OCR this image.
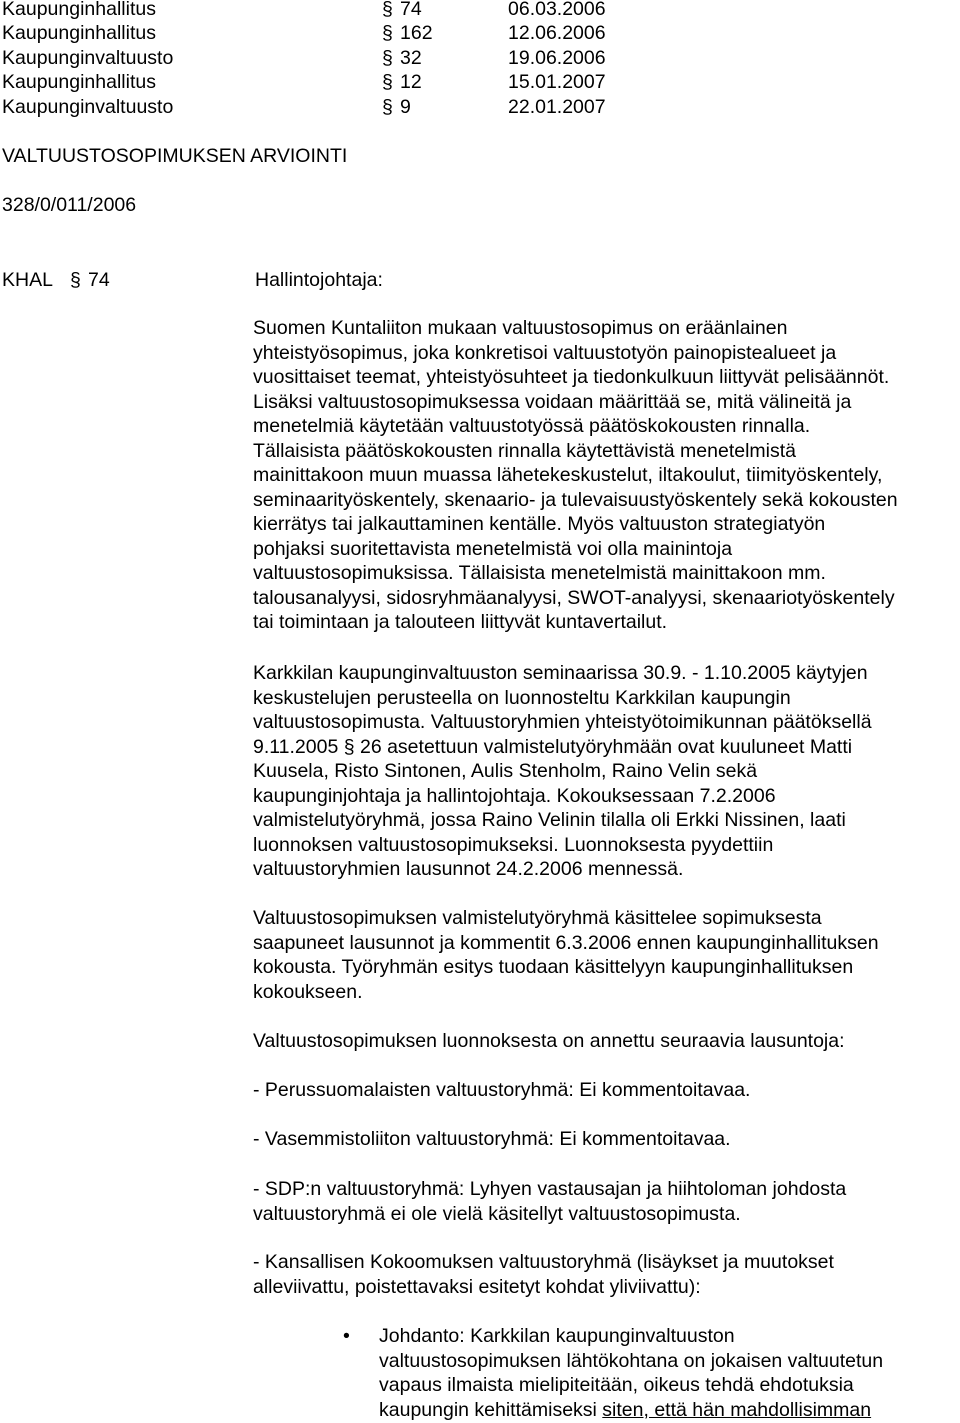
Kaupunginhallitus	§ 74	06.03.2006
Kaupunginhallitus	§ 162	12.06.2006
Kaupunginvaltuusto	§ 32	19.06.2006
Kaupunginhallitus	§ 12	15.01.2007
Kaupunginvaltuusto	§ 9	22.01.2007
VALTUUSTOSOPIMUKSEN ARVIOINTI
328/0/011/2006
KHAL § 74	Hallintojohtaja:
Suomen Kuntaliiton mukaan valtuustosopimus on eräänlainen
yhteistyösopimus, joka konkretisoi valtuustotyön painopistealueet ja
vuosittaiset teemat, yhteistyösuhteet ja tiedonkulkuun liittyvät pelisäännöt.
Lisäksi valtuustosopimuksessa voidaan määrittää se, mitä välineitä ja
menetelmiä käytetään valtuustotyössä päätöskokousten rinnalla.
Tällaisista päätöskokousten rinnalla käytettävistä menetelmistä
mainittakoon muun muassa lähetekeskustelut, iltakoulut, tiimityöskentely,
seminaarityöskentely, skenaario- ja tulevaisuustyöskentely sekä kokousten
kierrätys tai jalkauttaminen kentälle. Myös valtuuston strategiatyön
pohjaksi suoritettavista menetelmistä voi olla mainintoja
valtuustosopimuksissa. Tällaisista menetelmistä mainittakoon mm.
talousanalyysi, sidosryhmäanalyysi, SWOT-analyysi, skenaariotyöskentely
tai toimintaan ja talouteen liittyvät kuntavertailut.
Karkkilan kaupunginvaltuuston seminaarissa 30.9. - 1.10.2005 käytyjen
keskustelujen perusteella on luonnosteltu Karkkilan kaupungin
valtuustosopimusta. Valtuustoryhmien yhteistyötoimikunnan päätöksellä
9.11.2005 § 26 asetettuun valmistelutyöryhmään ovat kuuluneet Matti
Kuusela, Risto Sintonen, Aulis Stenholm, Raino Velin sekä
kaupunginjohtaja ja hallintojohtaja. Kokouksessaan 7.2.2006
valmistelutyöryhmä, jossa Raino Velinin tilalla oli Erkki Nissinen, laati
luonnoksen valtuustosopimukseksi. Luonnoksesta pyydettiin
valtuustoryhmien lausunnot 24.2.2006 mennessä.
Valtuustosopimuksen valmistelutyöryhmä käsittelee sopimuksesta
saapuneet lausunnot ja kommentit 6.3.2006 ennen kaupunginhallituksen
kokousta. Työryhmän esitys tuodaan käsittelyyn kaupunginhallituksen
kokoukseen.
Valtuustosopimuksen luonnoksesta on annettu seuraavia lausuntoja:
- Perussuomalaisten valtuustoryhmä: Ei kommentoitavaa.
- Vasemmistoliiton valtuustoryhmä: Ei kommentoitavaa.
- SDP:n valtuustoryhmä: Lyhyen vastausajan ja hiihtoloman johdosta
valtuustoryhmä ei ole vielä käsitellyt valtuustosopimusta.
- Kansallisen Kokoomuksen valtuustoryhmä (lisäykset ja muutokset
alleviivattu, poistettavaksi esitetyt kohdat yliviivattu):
• Johdanto: Karkkilan kaupunginvaltuuston
valtuustosopimuksen lähtökohtana on jokaisen valtuutetun
vapaus ilmaista mielipiteitään, oikeus tehdä ehdotuksia
kaupungin kehittämiseksi siten, että hän mahdollisimman
